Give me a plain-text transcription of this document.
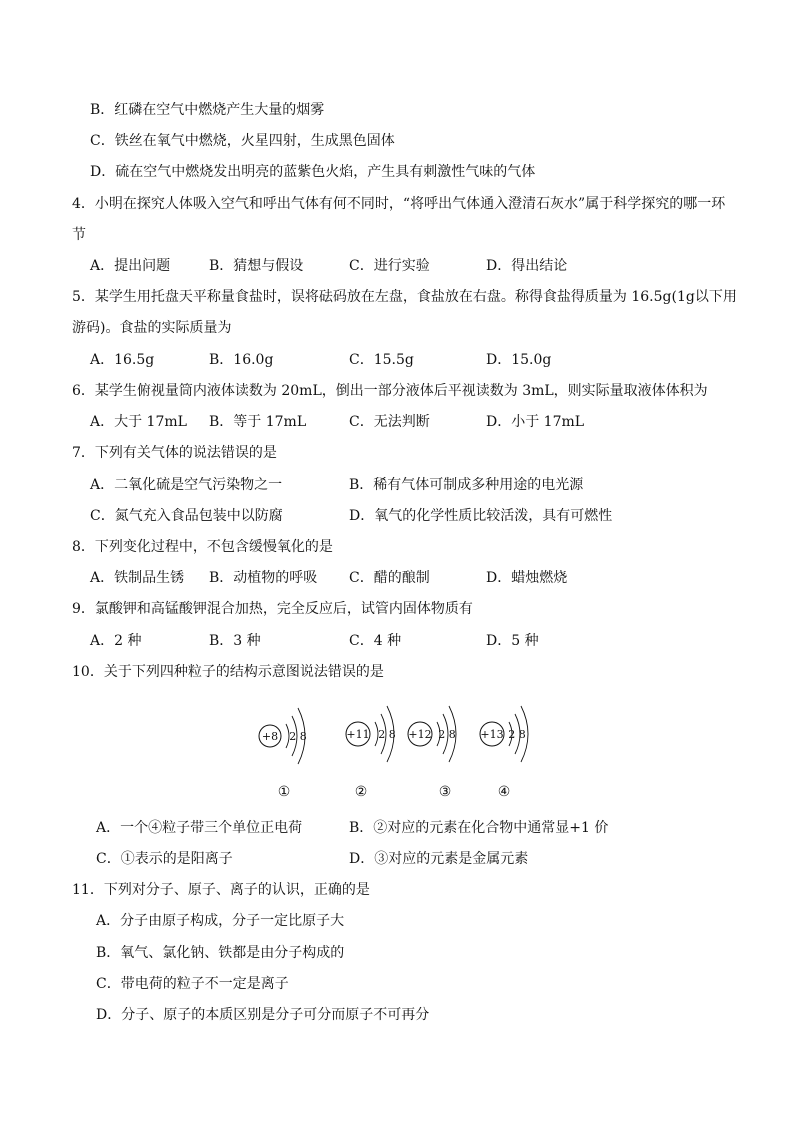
B．红磷在空气中燃烧产生大量的烟雾
C．铁丝在氧气中燃烧，火星四射，生成黑色固体
D．硫在空气中燃烧发出明亮的蓝紫色火焰，产生具有刺激性气味的气体
4．小明在探究人体吸入空气和呼出气体有何不同时，“将呼出气体通入澄清石灰水”属于科学探究的哪一环
节
A．提出问题	B．猜想与假设	C．进行实验	D．得出结论
5．某学生用托盘天平称量食盐时，误将砝码放在左盘，食盐放在右盘。称得食盐得质量为 16.5g(1g以下用
游码)。食盐的实际质量为
A．16.5g	B．16.0g	C．15.5g	D．15.0g
6．某学生俯视量筒内液体读数为 20mL，倒出一部分液体后平视读数为 3mL，则实际量取液体体积为
A．大于 17mL B．等于 17mL	C．无法判断	D．小于 17mL
7．下列有关气体的说法错误的是
A．二氧化硫是空气污染物之一	B．稀有气体可制成多种用途的电光源
C．氮气充入食品包装中以防腐	D．氧气的化学性质比较活泼，具有可燃性
8．下列变化过程中，不包含缓慢氧化的是
A．铁制品生锈 B．动植物的呼吸 C．醋的酿制	D．蜡烛燃烧
9．氯酸钾和高锰酸钾混合加热，完全反应后，试管内固体物质有
A．2 种	B．3 种	C．4 种	D．5 种
10．关于下列四种粒子的结构示意图说法错误的是
+8 2 8
①
+11 2 8
②
+12 2 8
③
+13 2 8
④
A．一个④粒子带三个单位正电荷	B．②对应的元素在化合物中通常显+1 价
C．①表示的是阳离子	D．③对应的元素是金属元素
11．下列对分子、原子、离子的认识，正确的是
A．分子由原子构成，分子一定比原子大
B．氧气、氯化钠、铁都是由分子构成的
C．带电荷的粒子不一定是离子
D．分子、原子的本质区别是分子可分而原子不可再分
